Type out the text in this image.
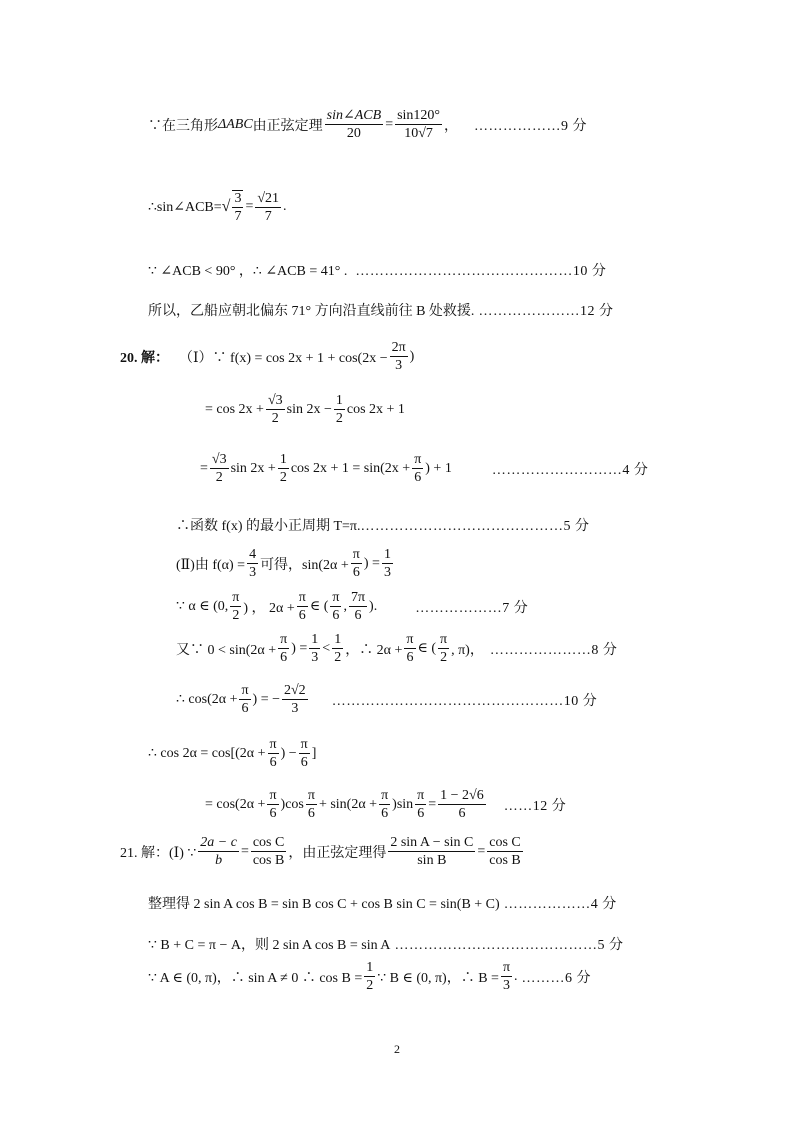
∵在三角形 ΔABC 由正弦定理
sin∠ACB
20
= $\frac{\sin 120^\circ}{10√7}$ ， ………………9 分
∴sin∠ACB= √ $\frac{3}{7} = \frac{√21}{7}$ .
∵ ∠ACB < 90° ，∴ ∠ACB = 41° . ………………………………………10 分
所以，乙船应朝北偏东 71° 方向沿直线前往 B 处救援. …………………12 分
20. 解： （Ⅰ）∵ $f(x) = \cos 2x + 1 + \cos(2x - \frac{2\pi}{3}$ )
= $\cos 2x + \frac{√3}{2}$ $\sin 2x - \frac{1}{2}$ cos 2x + 1
= $\frac{√3}{2}$ $\sin 2x + \frac{1}{2}$ $\cos 2x + 1 = \sin(2x + \frac{\pi}{6}$ ) + 1	………………………4 分
∴函数 f(x) 的最小正周期 T=π. ……………………………………5 分
(Ⅱ)由 $f(\alpha) = \frac{4}{3}$ 可得，$\sin(2\alpha + \frac{\pi}{6}$ ) = $\frac{1}{3}$
∵ α ∈ (0, $\frac{\pi}{2}$ ) ， $2\alpha + \frac{\pi}{6}$ ∈ ( $\frac{\pi}{6}$ , $\frac{7\pi}{6}$ ).	………………7 分
又∵ $0 < \sin(2\alpha + \frac{\pi}{6}$ ) = $\frac{1}{3} < \frac{1}{2}$ ，∴ $2\alpha + \frac{\pi}{6}$ ∈ ( $\frac{\pi}{2}$ , π)， …………………8 分
∴ $\cos(2\alpha + \frac{\pi}{6}$ ) = − $\frac{2√2}{3}$ …………………………………………10 分
∴ $\cos 2\alpha = \cos[(2\alpha + \frac{\pi}{6}$ ) − $\frac{\pi}{6}$ ]
= $\cos(2\alpha + \frac{\pi}{6} )\cos \frac{\pi}{6} + \sin(2\alpha + \frac{\pi}{6} )\sin \frac{\pi}{6} = \frac{1 - 2√6}{6}$ ……12 分
21. 解：(Ⅰ) ∵ $\frac{2a - c}{b} = \frac{\text{cos C}}{\text{cos B}}$ ，由正弦定理得 $\frac{\text{2 sin A − sin C}}{\text{sin B}} = \frac{\text{cos C}}{\text{cos B}}$
整理得 2 sin A cos B = sin B cos C + cos B sin C = sin(B + C) ………………4 分
∵ B + C = π − A，则 2 sin A cos B = sin A ……………………………………5 分
∵ A ∈ (0, π)，∴ sin A ≠ 0 ∴ $\cos B = \frac{1}{2}$ ∵ B ∈ (0, π)，∴ $B = \frac{\pi}{3}$ . ………6 分
2
